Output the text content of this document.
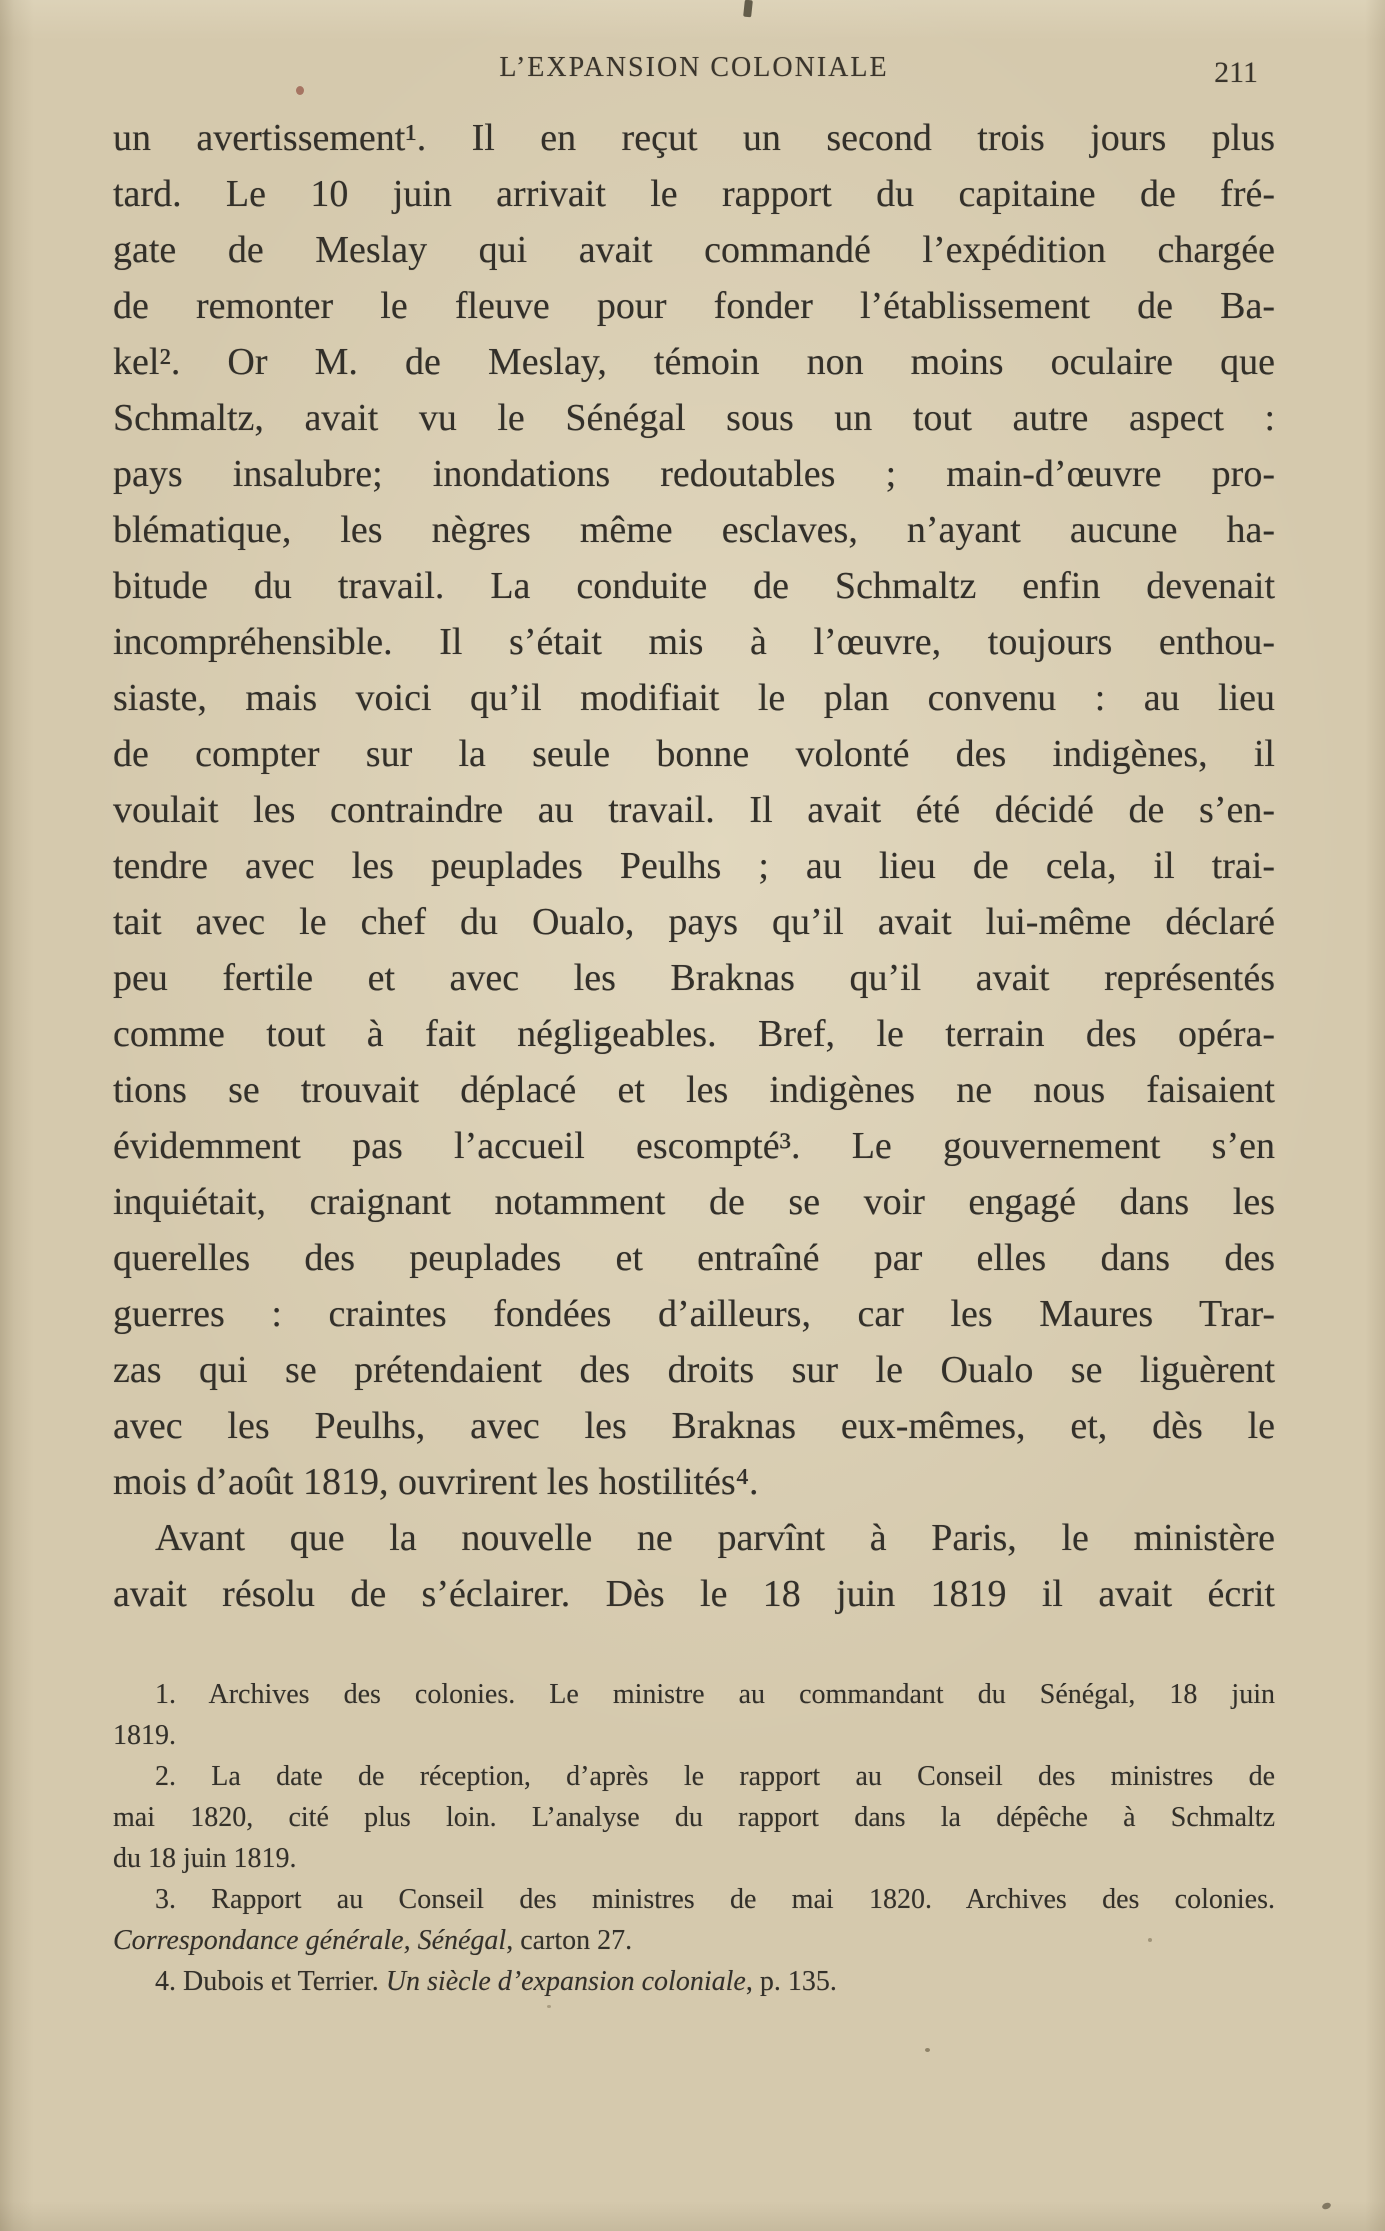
L’EXPANSION COLONIALE	211
un avertissement¹. Il en reçut un second trois jours plus
tard. Le 10 juin arrivait le rapport du capitaine de fré-
gate de Meslay qui avait commandé l’expédition chargée
de remonter le fleuve pour fonder l’établissement de Ba-
kel². Or M. de Meslay, témoin non moins oculaire que
Schmaltz, avait vu le Sénégal sous un tout autre aspect :
pays insalubre; inondations redoutables ; main-d’œuvre pro-
blématique, les nègres même esclaves, n’ayant aucune ha-
bitude du travail. La conduite de Schmaltz enfin devenait
incompréhensible. Il s’était mis à l’œuvre, toujours enthou-
siaste, mais voici qu’il modifiait le plan convenu : au lieu
de compter sur la seule bonne volonté des indigènes, il
voulait les contraindre au travail. Il avait été décidé de s’en-
tendre avec les peuplades Peulhs ; au lieu de cela, il trai-
tait avec le chef du Oualo, pays qu’il avait lui-même déclaré
peu fertile et avec les Braknas qu’il avait représentés
comme tout à fait négligeables. Bref, le terrain des opéra-
tions se trouvait déplacé et les indigènes ne nous faisaient
évidemment pas l’accueil escompté³. Le gouvernement s’en
inquiétait, craignant notamment de se voir engagé dans les
querelles des peuplades et entraîné par elles dans des
guerres : craintes fondées d’ailleurs, car les Maures Trar-
zas qui se prétendaient des droits sur le Oualo se liguèrent
avec les Peulhs, avec les Braknas eux-mêmes, et, dès le
mois d’août 1819, ouvrirent les hostilités⁴.
Avant que la nouvelle ne parvînt à Paris, le ministère
avait résolu de s’éclairer. Dès le 18 juin 1819 il avait écrit
1. Archives des colonies. Le ministre au commandant du Sénégal, 18 juin
1819.
2. La date de réception, d’après le rapport au Conseil des ministres de
mai 1820, cité plus loin. L’analyse du rapport dans la dépêche à Schmaltz
du 18 juin 1819.
3. Rapport au Conseil des ministres de mai 1820. Archives des colonies.
Correspondance générale, Sénégal, carton 27.
4. Dubois et Terrier. Un siècle d’expansion coloniale, p. 135.
